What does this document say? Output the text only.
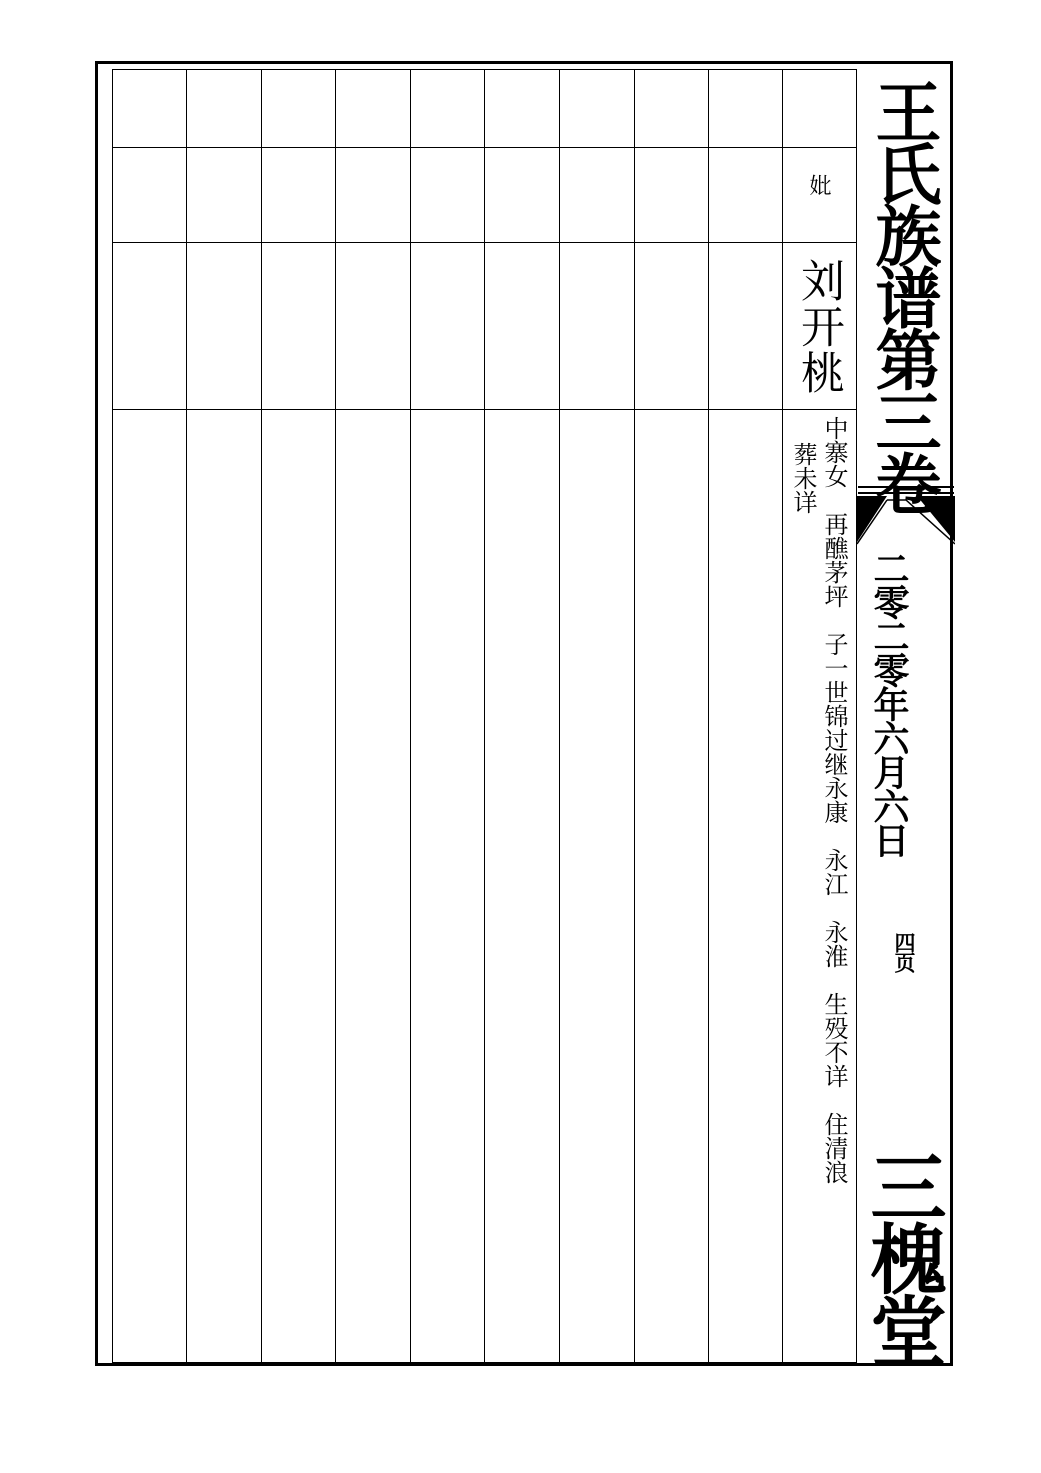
王氏族谱第三卷
二零二零年六月六日
四页
三槐堂
妣
刘开桃
中寨女　再醮茅坪　子一世锦过继永康　永江　永淮　生殁不详　住清浪
葬未详
